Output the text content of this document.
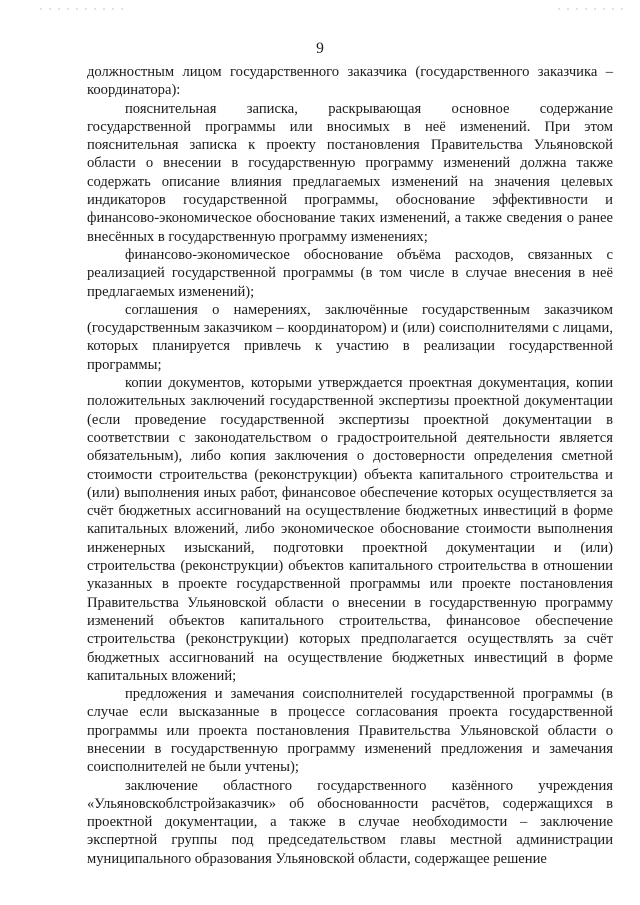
9

должностным лицом государственного заказчика (государственного заказчика – координатора):

пояснительная записка, раскрывающая основное содержание государственной программы или вносимых в неё изменений. При этом пояснительная записка к проекту постановления Правительства Ульяновской области о внесении в государственную программу изменений должна также содержать описание влияния предлагаемых изменений на значения целевых индикаторов государственной программы, обоснование эффективности и финансово-экономическое обоснование таких изменений, а также сведения о ранее внесённых в государственную программу изменениях;

финансово-экономическое обоснование объёма расходов, связанных с реализацией государственной программы (в том числе в случае внесения в неё предлагаемых изменений);

соглашения о намерениях, заключённые государственным заказчиком (государственным заказчиком – координатором) и (или) соисполнителями с лицами, которых планируется привлечь к участию в реализации государственной программы;

копии документов, которыми утверждается проектная документация, копии положительных заключений государственной экспертизы проектной документации (если проведение государственной экспертизы проектной документации в соответствии с законодательством о градостроительной деятельности является обязательным), либо копия заключения о достоверности определения сметной стоимости строительства (реконструкции) объекта капитального строительства и (или) выполнения иных работ, финансовое обеспечение которых осуществляется за счёт бюджетных ассигнований на осуществление бюджетных инвестиций в форме капитальных вложений, либо экономическое обоснование стоимости выполнения инженерных изысканий, подготовки проектной документации и (или) строительства (реконструкции) объектов капитального строительства в отношении указанных в проекте государственной программы или проекте постановления Правительства Ульяновской области о внесении в государственную программу изменений объектов капитального строительства, финансовое обеспечение строительства (реконструкции) которых предполагается осуществлять за счёт бюджетных ассигнований на осуществление бюджетных инвестиций в форме капитальных вложений;

предложения и замечания соисполнителей государственной программы (в случае если высказанные в процессе согласования проекта государственной программы или проекта постановления Правительства Ульяновской области о внесении в государственную программу изменений предложения и замечания соисполнителей не были учтены);

заключение областного государственного казённого учреждения «Ульяновскоблстройзаказчик» об обоснованности расчётов, содержащихся в проектной документации, а также в случае необходимости – заключение экспертной группы под председательством главы местной администрации муниципального образования Ульяновской области, содержащее решение
